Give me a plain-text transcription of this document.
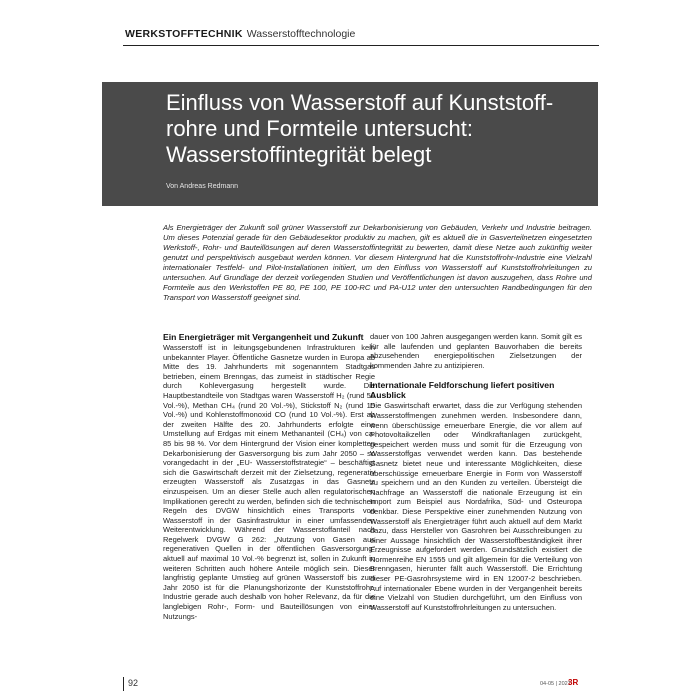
WERKSTOFFTECHNIK Wasserstofftechnologie
Einfluss von Wasserstoff auf Kunststoffrohre und Formteile untersucht: Wasserstoffintegrität belegt
Von Andreas Redmann
Als Energieträger der Zukunft soll grüner Wasserstoff zur Dekarbonisierung von Gebäuden, Verkehr und Industrie beitragen. Um dieses Potenzial gerade für den Gebäudesektor produktiv zu machen, gilt es aktuell die in Gasverteilnetzen eingesetzten Werkstoff-, Rohr- und Bauteillösungen auf deren Wasserstoffintegrität zu bewerten, damit diese Netze auch zukünftig weiter genutzt und perspektivisch ausgebaut werden können. Vor diesem Hintergrund hat die Kunststoffrohr-Industrie eine Vielzahl internationaler Testfeld- und Pilot-Installationen initiiert, um den Einfluss von Wasserstoff auf Kunststoffrohrleitungen zu untersuchen. Auf Grundlage der derzeit vorliegenden Studien und Veröffentlichungen ist davon auszugehen, dass Rohre und Formteile aus den Werkstoffen PE 80, PE 100, PE 100-RC und PA-U12 unter den untersuchten Randbedingungen für den Transport von Wasserstoff geeignet sind.
Ein Energieträger mit Vergangenheit und Zukunft

Wasserstoff ist in leitungsgebundenen Infrastrukturen kein unbekannter Player. Öffentliche Gasnetze wurden in Europa ab Mitte des 19. Jahrhunderts mit sogenanntem Stadtgas betrieben, einem Brenngas, das zumeist in städtischer Regie durch Kohlevergasung hergestellt wurde. Die Hauptbestandteile von Stadtgas waren Wasserstoff H₂ (rund 50 Vol.-%), Methan CH₄ (rund 20 Vol.-%), Stickstoff N₂ (rund 15 Vol.-%) und Kohlenstoffmonoxid CO (rund 10 Vol.-%). Erst ab der zweiten Hälfte des 20. Jahrhunderts erfolgte eine Umstellung auf Erdgas mit einem Methananteil (CH₄) von ca. 85 bis 98 %. Vor dem Hintergrund der Vision einer kompletten Dekarbonisierung der Gasversorgung bis zum Jahr 2050 – so vorangedacht in der „EU- Wasserstoffstrategie“ – beschäftigt sich die Gaswirtschaft derzeit mit der Zielsetzung, regenerativ erzeugten Wasserstoff als Zusatzgas in das Gasnetz einzuspeisen. Um an dieser Stelle auch allen regulatorischen Implikationen gerecht zu werden, befinden sich die technischen Regeln des DVGW hinsichtlich eines Transports von Wasserstoff in der Gasinfrastruktur in einer umfassenden Weiterentwicklung. Während der Wasserstoffanteil nach Regelwerk DVGW G 262: „Nutzung von Gasen aus regenerativen Quellen in der öffentlichen Gasversorgung“ aktuell auf maximal 10 Vol.-% begrenzt ist, sollen in Zukunft in weiteren Schritten auch höhere Anteile möglich sein. Dieser langfristig geplante Umstieg auf grünen Wasserstoff bis zum Jahr 2050 ist für die Planungshorizonte der Kunststoffrohr-Industrie gerade auch deshalb von hoher Relevanz, da für die langlebigen Rohr-, Form- und Bauteillösungen von einer Nutzungs-

dauer von 100 Jahren ausgegangen werden kann. Somit gilt es für alle laufenden und geplanten Bauvorhaben die bereits abzusehenden energiepolitischen Zielsetzungen der kommenden Jahre zu antizipieren.

Internationale Feldforschung liefert positiven Ausblick

Die Gaswirtschaft erwartet, dass die zur Verfügung stehenden Wasserstoffmengen zunehmen werden. Insbesondere dann, wenn überschüssige erneuerbare Energie, die vor allem auf Photovoltaikzellen oder Windkraftanlagen zurückgeht, gespeichert werden muss und somit für die Erzeugung von Wasserstoffgas verwendet werden kann. Das bestehende Gasnetz bietet neue und interessante Möglichkeiten, diese überschüssige erneuerbare Energie in Form von Wasserstoff zu speichern und an den Kunden zu verteilen. Übersteigt die Nachfrage an Wasserstoff die nationale Erzeugung ist ein Import zum Beispiel aus Nordafrika, Süd- und Osteuropa denkbar. Diese Perspektive einer zunehmenden Nutzung von Wasserstoff als Energieträger führt auch aktuell auf dem Markt dazu, dass Hersteller von Gasrohren bei Ausschreibungen zu einer Aussage hinsichtlich der Wasserstoffbeständigkeit ihrer Erzeugnisse aufgefordert werden. Grundsätzlich existiert die Normenreihe EN 1555 und gilt allgemein für die Verteilung von Brenngasen, hierunter fällt auch Wasserstoff. Die Errichtung dieser PE-Gasrohrsysteme wird in EN 12007-2 beschrieben. Auf internationaler Ebene wurden in der Vergangenheit bereits eine Vielzahl von Studien durchgeführt, um den Einfluss von Wasserstoff auf Kunststoffrohrleitungen zu untersuchen.

92	04-05 | 2021
3R
